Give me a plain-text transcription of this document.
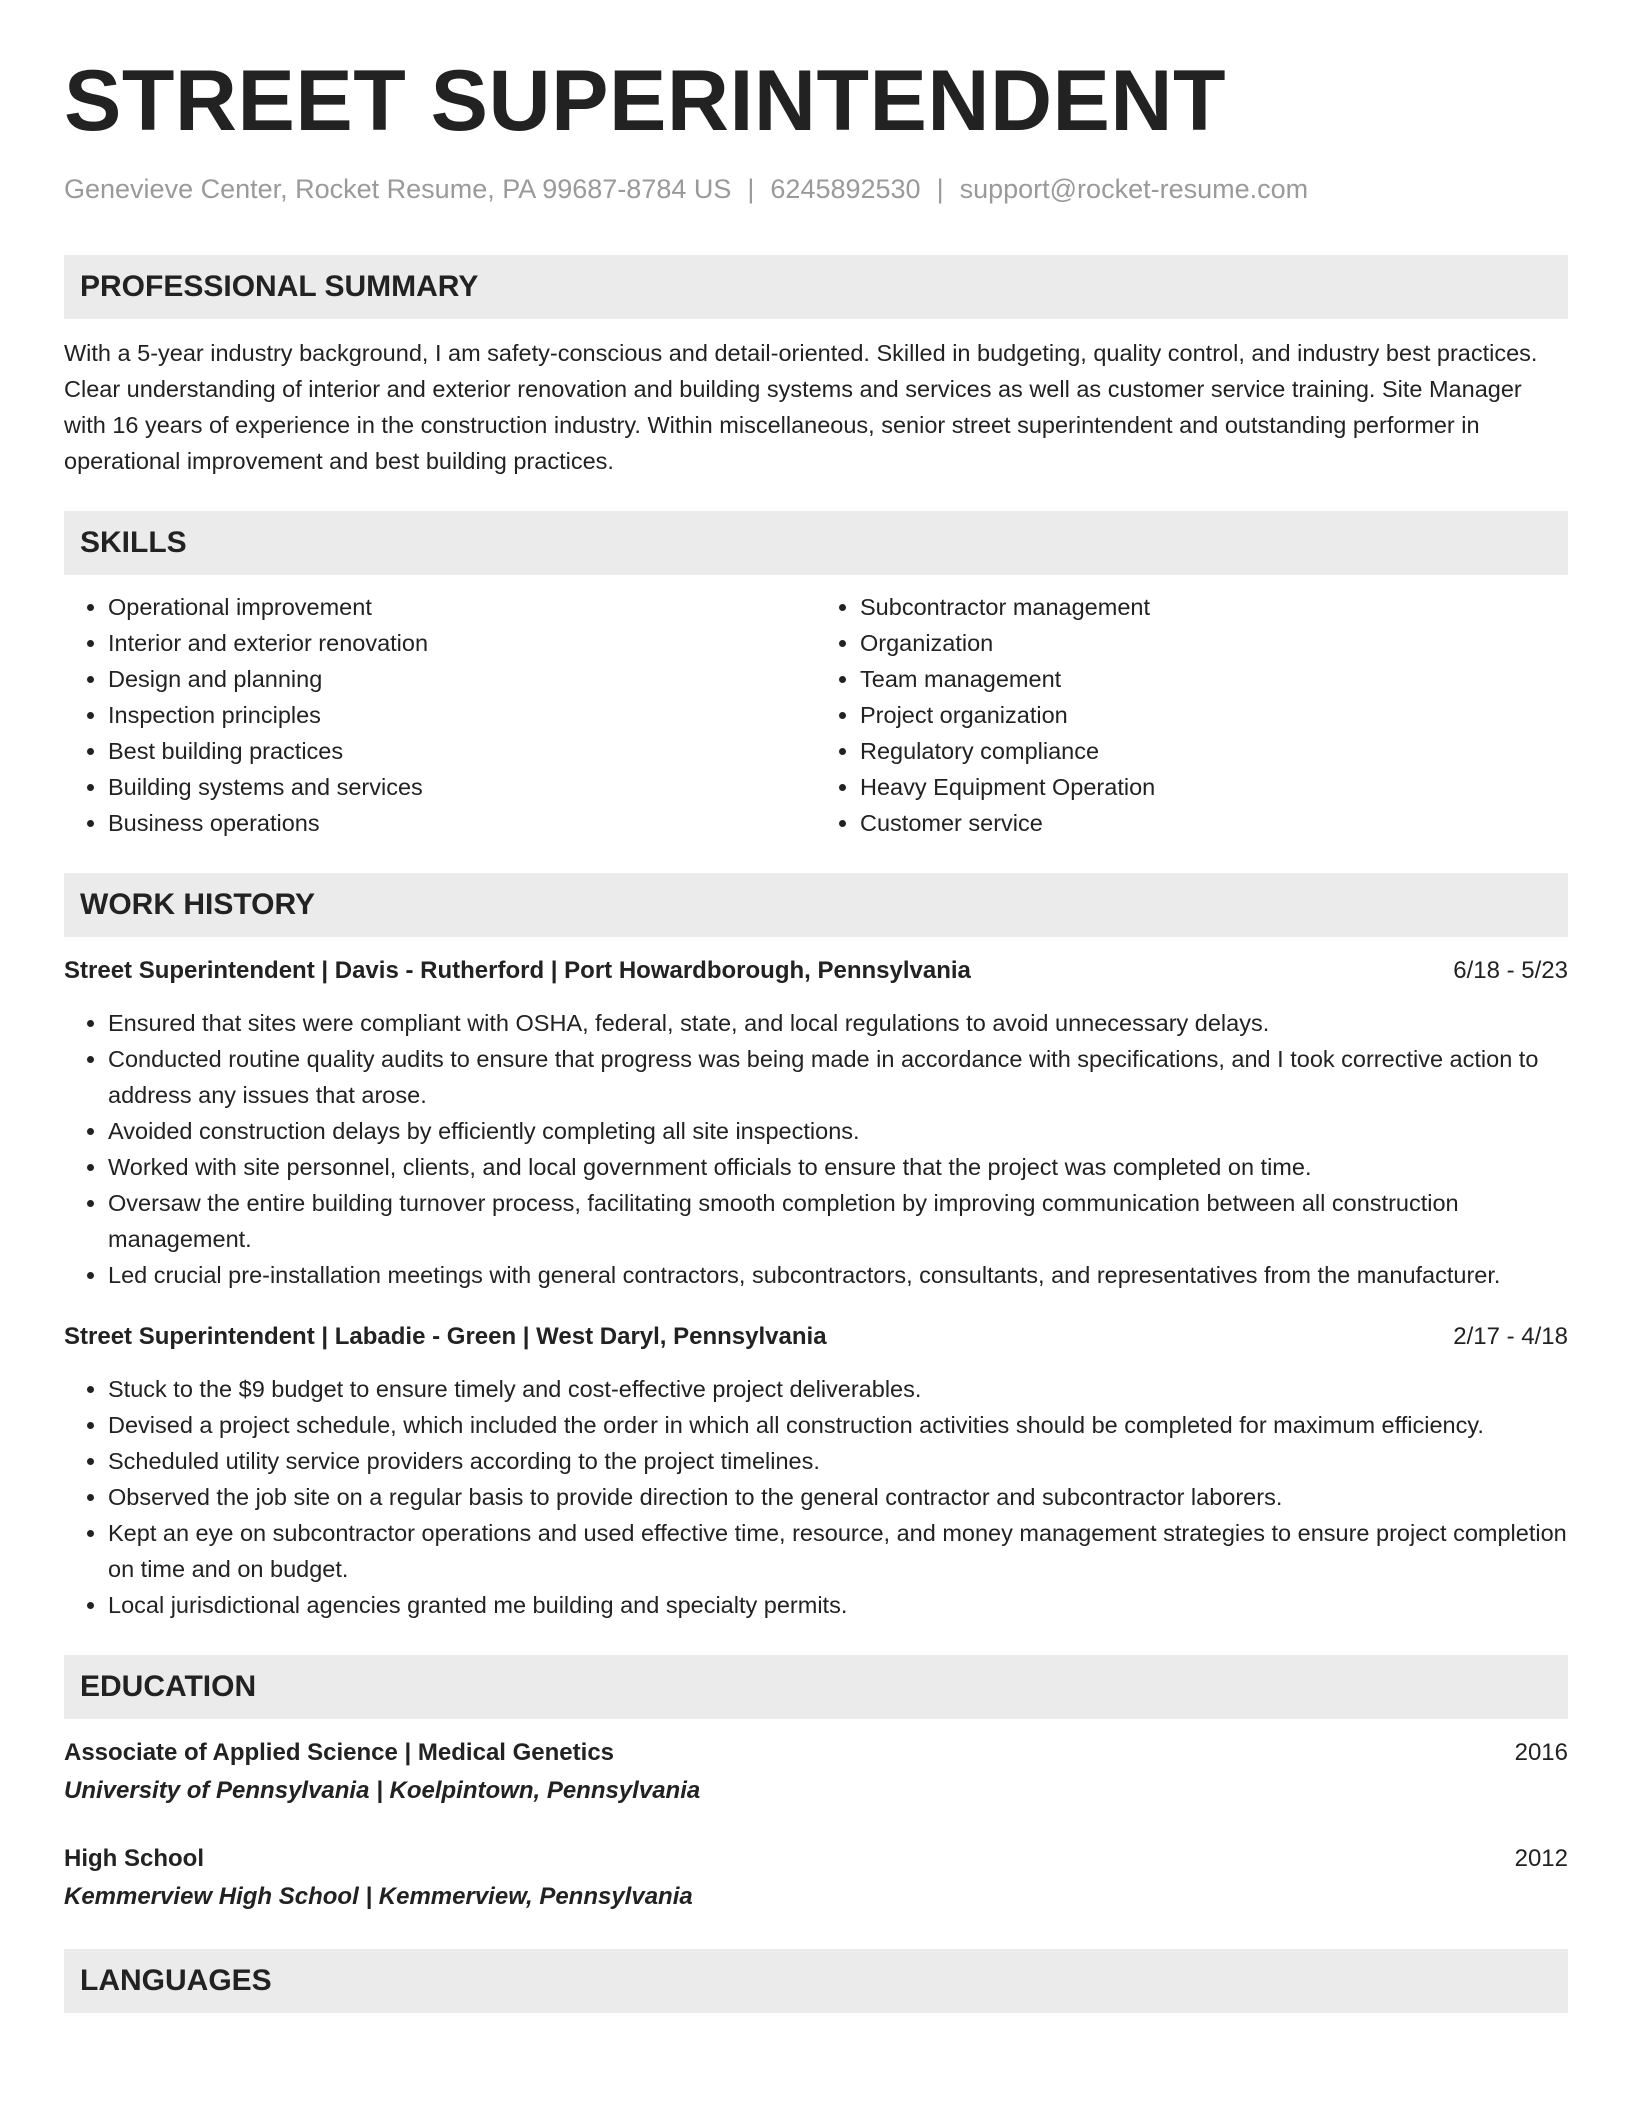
STREET SUPERINTENDENT
Genevieve Center, Rocket Resume, PA 99687-8784 US | 6245892530 | support@rocket-resume.com
PROFESSIONAL SUMMARY

With a 5-year industry background, I am safety-conscious and detail-oriented. Skilled in budgeting, quality control, and industry best practices. Clear understanding of interior and exterior renovation and building systems and services as well as customer service training. Site Manager with 16 years of experience in the construction industry. Within miscellaneous, senior street superintendent and outstanding performer in operational improvement and best building practices.

SKILLS
• Operational improvement
• Interior and exterior renovation
• Design and planning
• Inspection principles
• Best building practices
• Building systems and services
• Business operations
• Subcontractor management
• Organization
• Team management
• Project organization
• Regulatory compliance
• Heavy Equipment Operation
• Customer service
WORK HISTORY
Street Superintendent | Davis - Rutherford | Port Howardborough, Pennsylvania	6/18 - 5/23
• Ensured that sites were compliant with OSHA, federal, state, and local regulations to avoid unnecessary delays.
• Conducted routine quality audits to ensure that progress was being made in accordance with specifications, and I took corrective action to address any issues that arose.
• Avoided construction delays by efficiently completing all site inspections.
• Worked with site personnel, clients, and local government officials to ensure that the project was completed on time.
• Oversaw the entire building turnover process, facilitating smooth completion by improving communication between all construction management.
• Led crucial pre-installation meetings with general contractors, subcontractors, consultants, and representatives from the manufacturer.
Street Superintendent | Labadie - Green | West Daryl, Pennsylvania	2/17 - 4/18
• Stuck to the $9 budget to ensure timely and cost-effective project deliverables.
• Devised a project schedule, which included the order in which all construction activities should be completed for maximum efficiency.
• Scheduled utility service providers according to the project timelines.
• Observed the job site on a regular basis to provide direction to the general contractor and subcontractor laborers.
• Kept an eye on subcontractor operations and used effective time, resource, and money management strategies to ensure project completion on time and on budget.
• Local jurisdictional agencies granted me building and specialty permits.
EDUCATION
Associate of Applied Science | Medical Genetics	2016
University of Pennsylvania | Koelpintown, Pennsylvania
High School	2012
Kemmerview High School | Kemmerview, Pennsylvania
LANGUAGES
